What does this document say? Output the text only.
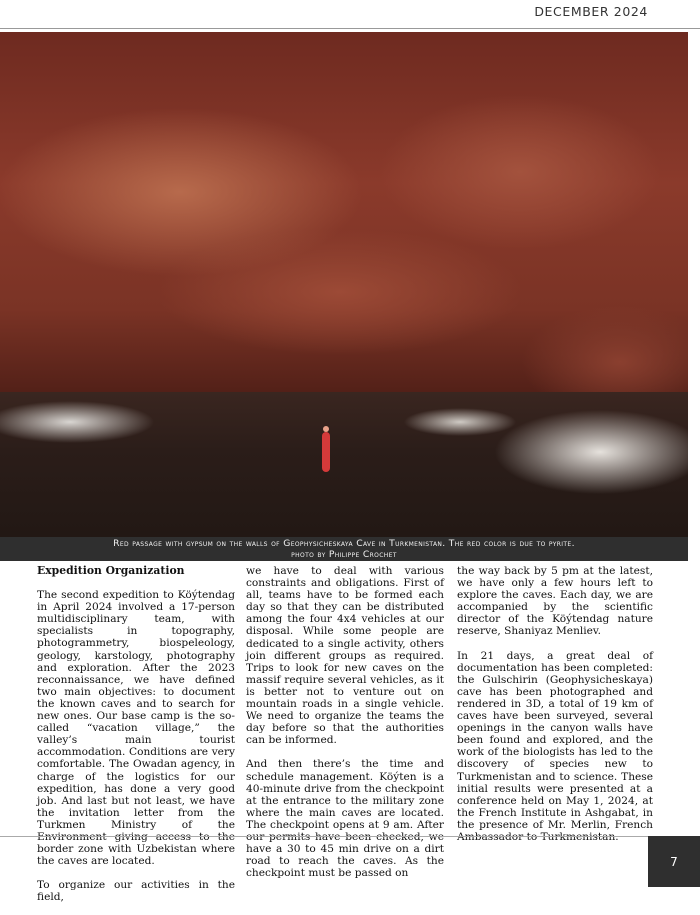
DECEMBER 2024
Red passage with gypsum on the walls of Geophysicheskaya Cave in Turkmenistan. The red color is due to pyrite.
photo by Philippe Crochet
Expedition Organization

The second expedition to Köýtendag in April 2024 involved a 17-person multidisciplinary team, with specialists in topography, photogrammetry, biospeleology, geology, karstology, photography and exploration. After the 2023 reconnaissance, we have defined two main objectives: to document the known caves and to search for new ones. Our base camp is the so-called “vacation village,” the valley’s main tourist accommodation. Conditions are very comfortable. The Owadan agency, in charge of the logistics for our expedition, has done a very good job. And last but not least, we have the invitation letter from the Turkmen Ministry of the border zone with Uzbekistan where the caves are located.

To organize our activities in the field,

we have to deal with various constraints and obligations. First of all, teams have to be formed each day so that they can be distributed among the four 4x4 vehicles at our disposal. While some people are dedicated to a single activity, others join different groups as required. Trips to look for new caves on the massif require several vehicles, as it is better not to venture out on mountain roads in a single vehicle. We need to organize the teams the day before so that the authorities can be informed.

And then there’s the time and schedule management. Köýten is a 40-minute drive from the checkpoint at the entrance to the military zone where the main caves are located. The checkpoint opens at 9 am. After have a 30 to 45 min drive on a dirt road to reach the caves. As the checkpoint must be passed on

the way back by 5 pm at the latest, we have only a few hours left to explore the caves. Each day, we are accompanied by the scientific director of the Köýtendag nature reserve, Shaniyaz Menliev.

In 21 days, a great deal of documentation has been completed: the Gulschirin (Geophysicheskaya) cave has been photographed and rendered in 3D, a total of 19 km of caves have been surveyed, several openings in the canyon walls have been found and explored, and the work of the biologists has led to the discovery of species new to Turkmenistan and to science. These initial results were presented at a conference held on May 1, 2024, at the French Institute in Ashgabat, in the presence of Mr. Merlin, French

7
